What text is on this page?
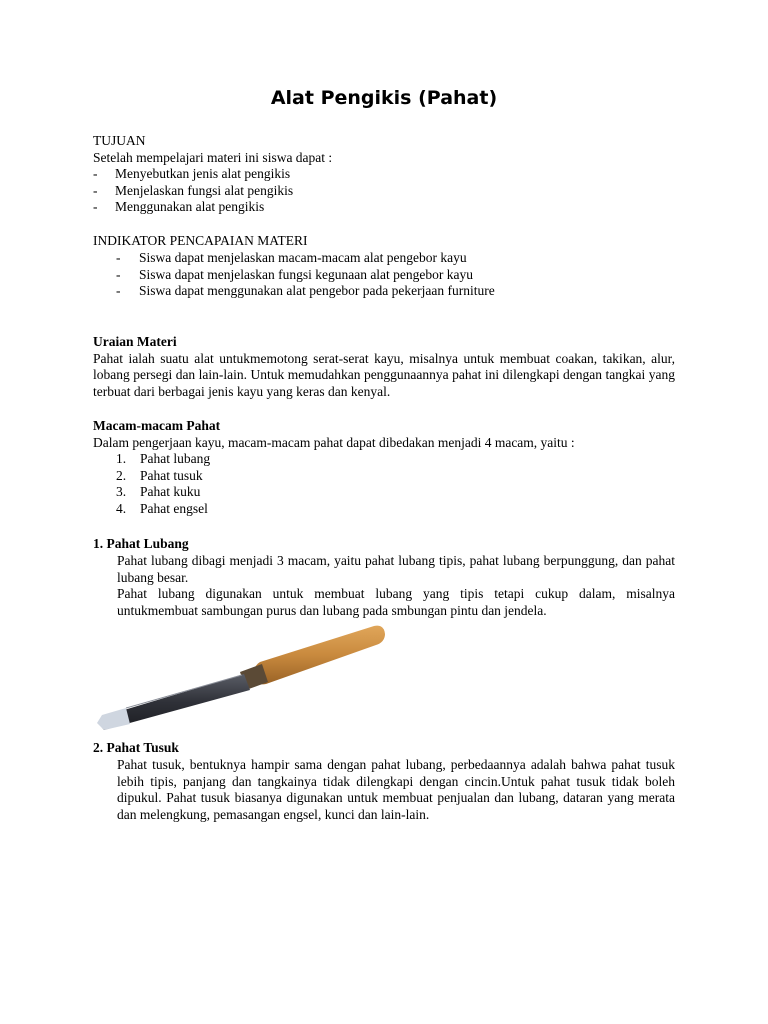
Alat Pengikis (Pahat)
TUJUAN
Setelah mempelajari materi ini siswa dapat :
-	Menyebutkan jenis alat pengikis
-	Menjelaskan fungsi alat pengikis
-	Menggunakan alat pengikis
INDIKATOR PENCAPAIAN MATERI
-	Siswa dapat menjelaskan macam-macam alat pengebor kayu
-	Siswa dapat menjelaskan fungsi kegunaan alat pengebor kayu
-	Siswa dapat menggunakan alat pengebor pada pekerjaan furniture
Uraian Materi
Pahat ialah suatu alat untukmemotong serat-serat kayu, misalnya untuk membuat coakan, takikan, alur, lobang persegi dan lain-lain. Untuk memudahkan penggunaannya pahat ini dilengkapi dengan tangkai yang terbuat dari berbagai jenis kayu yang keras dan kenyal.
Macam-macam Pahat
Dalam pengerjaan kayu, macam-macam pahat dapat dibedakan menjadi 4 macam, yaitu :
1.	Pahat lubang
2.	Pahat tusuk
3.	Pahat kuku
4.	Pahat engsel
1. Pahat Lubang
Pahat lubang dibagi menjadi 3 macam, yaitu pahat lubang tipis, pahat lubang berpunggung, dan pahat lubang besar.
Pahat lubang digunakan untuk membuat lubang yang tipis tetapi cukup dalam, misalnya untukmembuat sambungan purus dan lubang pada smbungan pintu dan jendela.
2. Pahat Tusuk
Pahat tusuk, bentuknya hampir sama dengan pahat lubang, perbedaannya adalah bahwa pahat tusuk lebih tipis, panjang dan tangkainya tidak dilengkapi dengan cincin.Untuk pahat tusuk tidak boleh dipukul. Pahat tusuk biasanya digunakan untuk membuat penjualan dan lubang, dataran yang merata dan melengkung, pemasangan engsel, kunci dan lain-lain.
